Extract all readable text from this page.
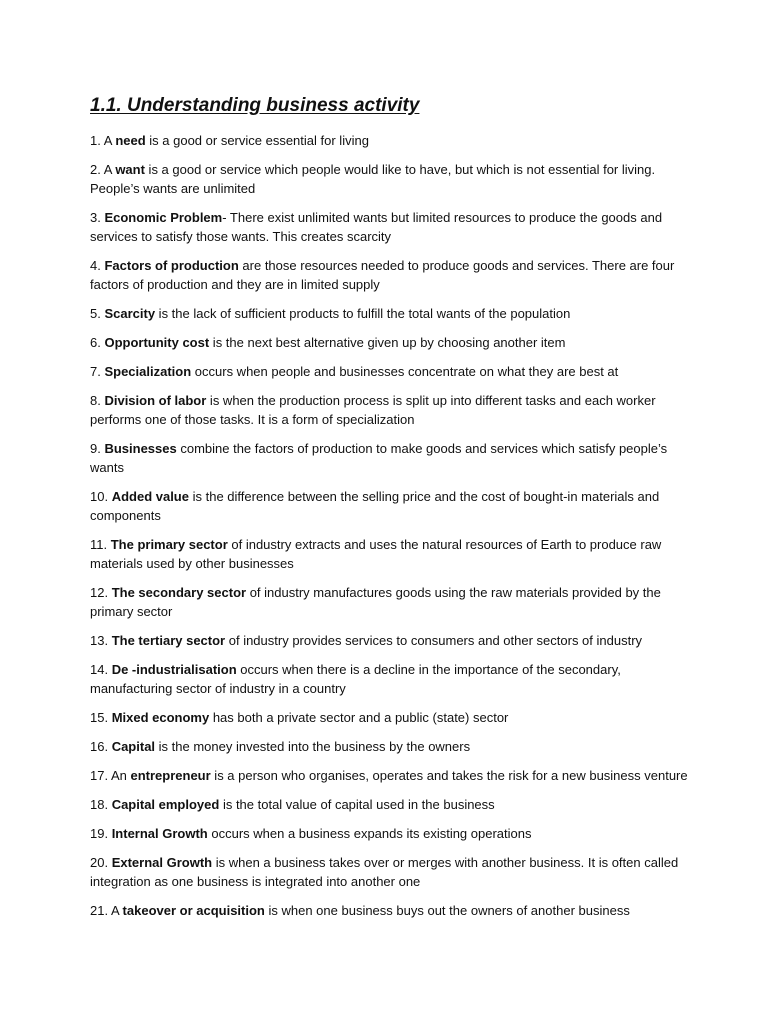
1.1. Understanding business activity

1. A need is a good or service essential for living

2. A want is a good or service which people would like to have, but which is not essential for living. People’s wants are unlimited

3. Economic Problem- There exist unlimited wants but limited resources to produce the goods and services to satisfy those wants. This creates scarcity

4. Factors of production are those resources needed to produce goods and services. There are four factors of production and they are in limited supply

5. Scarcity is the lack of sufficient products to fulfill the total wants of the population

6. Opportunity cost is the next best alternative given up by choosing another item

7. Specialization occurs when people and businesses concentrate on what they are best at

8. Division of labor is when the production process is split up into different tasks and each worker performs one of those tasks. It is a form of specialization

9. Businesses combine the factors of production to make goods and services which satisfy people’s wants

10. Added value is the difference between the selling price and the cost of bought-in materials and components

11. The primary sector of industry extracts and uses the natural resources of Earth to produce raw materials used by other businesses

12. The secondary sector of industry manufactures goods using the raw materials provided by the primary sector

13. The tertiary sector of industry provides services to consumers and other sectors of industry

14. De -industrialisation occurs when there is a decline in the importance of the secondary, manufacturing sector of industry in a country

15. Mixed economy has both a private sector and a public (state) sector

16. Capital is the money invested into the business by the owners

17. An entrepreneur is a person who organises, operates and takes the risk for a new business venture

18. Capital employed is the total value of capital used in the business

19. Internal Growth occurs when a business expands its existing operations

20. External Growth is when a business takes over or merges with another business. It is often called integration as one business is integrated into another one

21. A takeover or acquisition is when one business buys out the owners of another business
